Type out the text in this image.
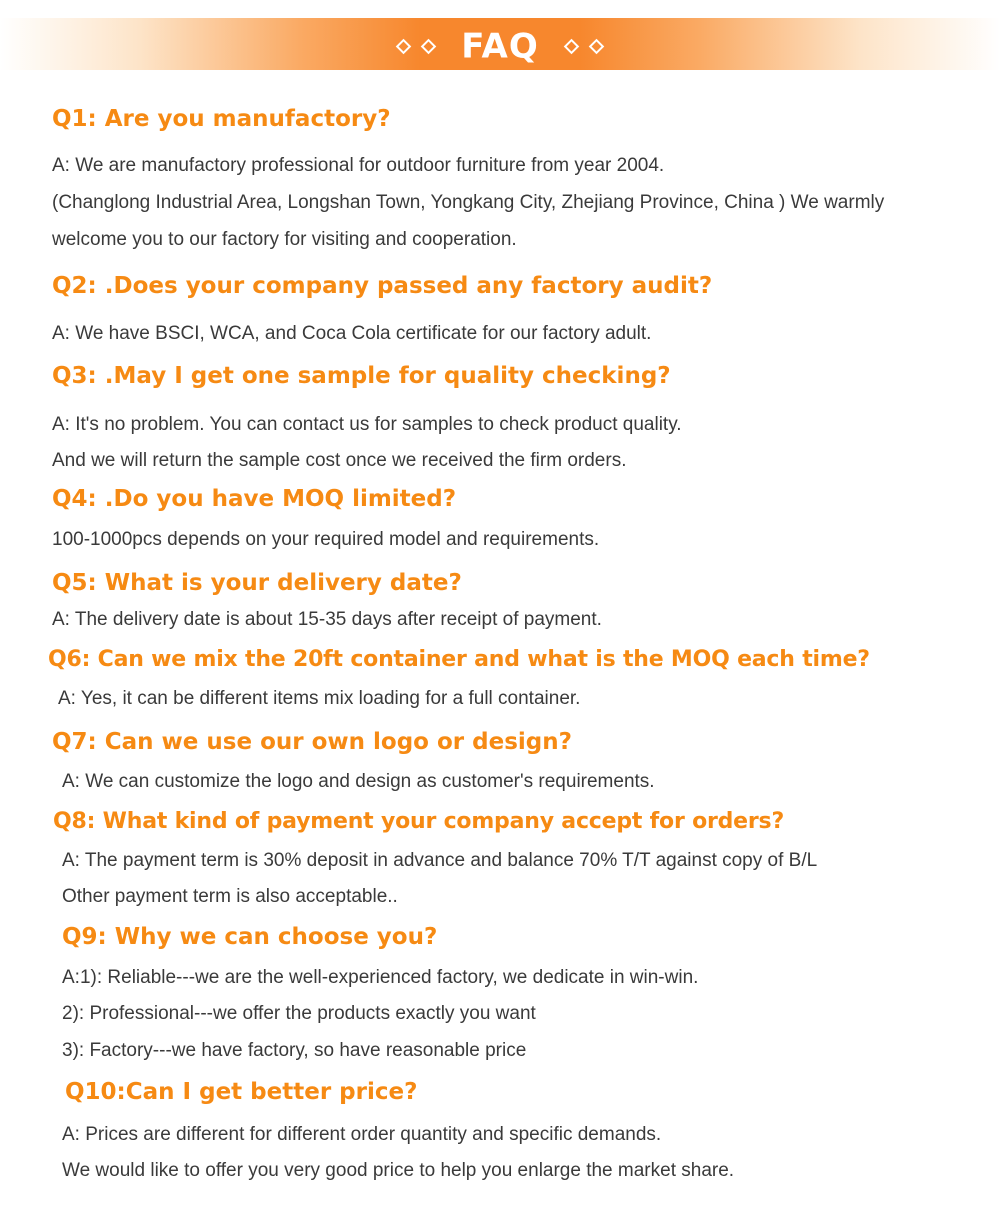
FAQ
Q1: Are you manufactory?

A: We are manufactory professional for outdoor furniture from year 2004.

(Changlong Industrial Area, Longshan Town, Yongkang City, Zhejiang Province, China ) We warmly

welcome you to our factory for visiting and cooperation.

Q2: .Does your company passed any factory audit?

A: We have BSCI, WCA, and Coca Cola certificate for our factory adult.

Q3: .May I get one sample for quality checking?

A: It's no problem. You can contact us for samples to check product quality.

And we will return the sample cost once we received the firm orders.

Q4: .Do you have MOQ limited?

100-1000pcs depends on your required model and requirements.

Q5: What is your delivery date?

A: The delivery date is about 15-35 days after receipt of payment.

Q6: Can we mix the 20ft container and what is the MOQ each time?

A: Yes, it can be different items mix loading for a full container.

Q7: Can we use our own logo or design?

A: We can customize the logo and design as customer's requirements.

Q8: What kind of payment your company accept for orders?

A: The payment term is 30% deposit in advance and balance 70% T/T against copy of B/L

Other payment term is also acceptable..

Q9: Why we can choose you?

A:1): Reliable---we are the well-experienced factory, we dedicate in win-win.

2): Professional---we offer the products exactly you want

3): Factory---we have factory, so have reasonable price

Q10:Can I get better price?

A: Prices are different for different order quantity and specific demands.

We would like to offer you very good price to help you enlarge the market share.
